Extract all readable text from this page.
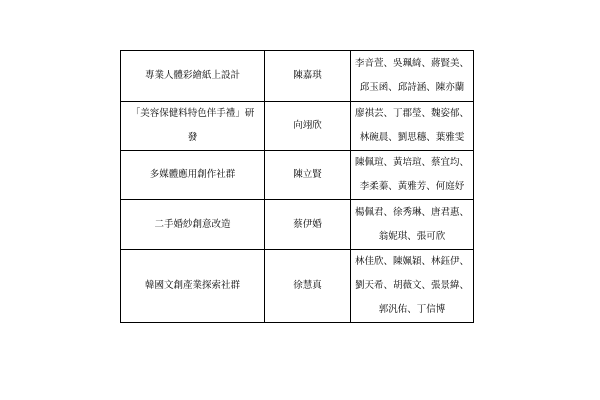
專業人體彩繪紙上設計	陳嘉琪	李音萱、吳珮綺、蔣賢美、
邱玉函、邱詩涵、陳亦蘭
「美容保健料特色伴手禮」研
發	向翊欣	廖祺芸、丁郡瑩、魏姿郁、
林碗晨、劉思穗、葉雅雯
多媒體應用創作社群	陳立賢	陳佩瑄、黃培瑄、蔡宜均、
李柔蓁、黃雅芳、何庭妤
二手婚紗創意改造	蔡伊婚	楊佩君、徐秀琳、唐君惠、
翁妮琪、張可欣
韓國文創產業探索社群	徐慧真	林佳欣、陳姵穎、林鈺伊、
劉天希、胡薇文、張景緯、
郭汎佑、丁信博
